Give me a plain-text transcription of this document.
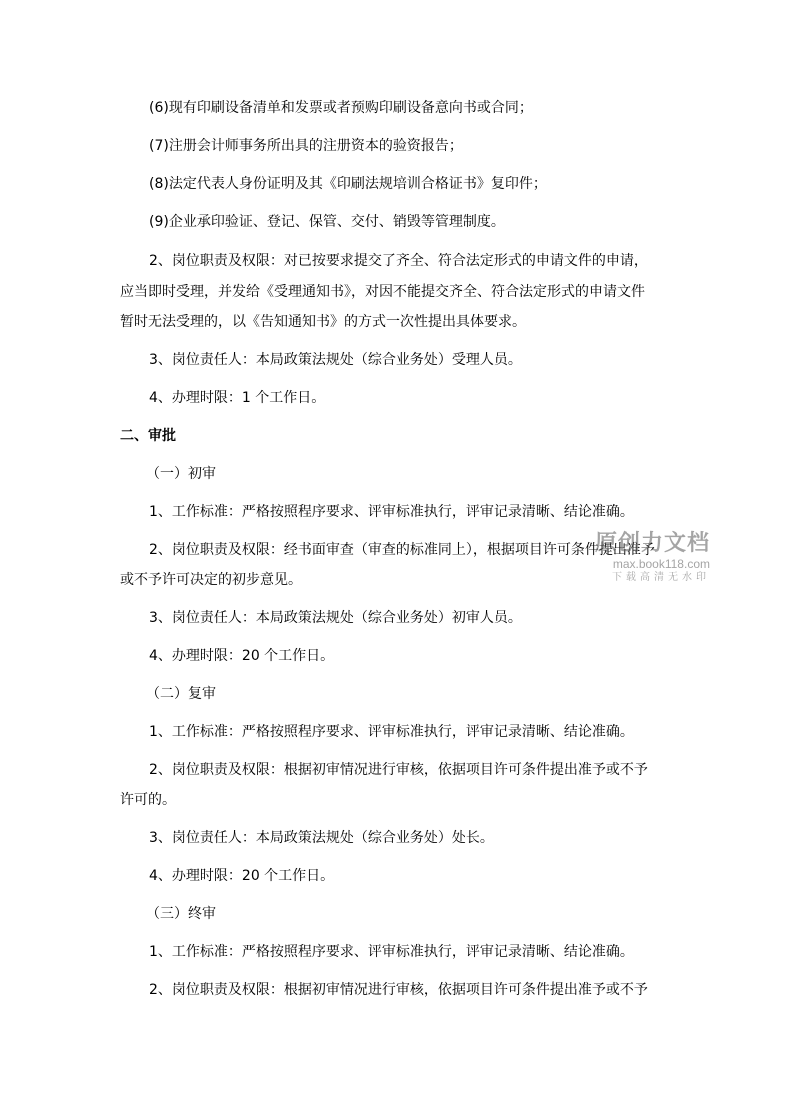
(6)现有印刷设备清单和发票或者预购印刷设备意向书或合同；
(7)注册会计师事务所出具的注册资本的验资报告；
(8)法定代表人身份证明及其《印刷法规培训合格证书》复印件；
(9)企业承印验证、登记、保管、交付、销毁等管理制度。
2、岗位职责及权限：对已按要求提交了齐全、符合法定形式的申请文件的申请，
应当即时受理，并发给《受理通知书》，对因不能提交齐全、符合法定形式的申请文件
暂时无法受理的，以《告知通知书》的方式一次性提出具体要求。
3、岗位责任人：本局政策法规处（综合业务处）受理人员。
4、办理时限：1 个工作日。
二、审批
（一）初审
1、工作标准：严格按照程序要求、评审标准执行，评审记录清晰、结论准确。
2、岗位职责及权限：经书面审查（审查的标准同上），根据项目许可条件提出准予
或不予许可决定的初步意见。
3、岗位责任人：本局政策法规处（综合业务处）初审人员。
4、办理时限：20 个工作日。
（二）复审
1、工作标准：严格按照程序要求、评审标准执行，评审记录清晰、结论准确。
2、岗位职责及权限：根据初审情况进行审核，依据项目许可条件提出准予或不予
许可的。
3、岗位责任人：本局政策法规处（综合业务处）处长。
4、办理时限：20 个工作日。
（三）终审
1、工作标准：严格按照程序要求、评审标准执行，评审记录清晰、结论准确。
2、岗位职责及权限：根据初审情况进行审核，依据项目许可条件提出准予或不予
原创力文档
max.book118.com
下载高清无水印
